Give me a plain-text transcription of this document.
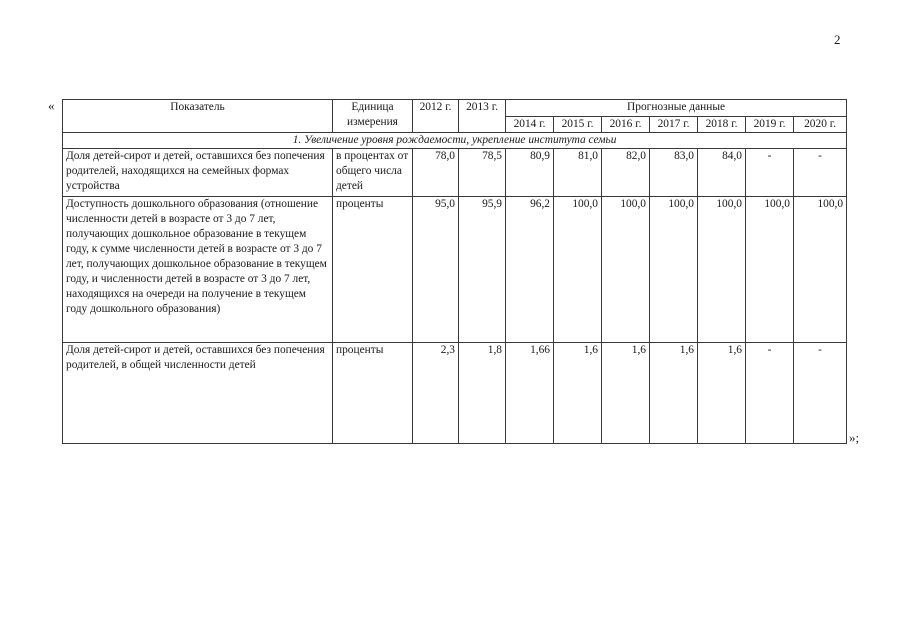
2
«
»;
Показатель	Единица измерения	2012 г.	2013 г.	Прогнозные данные						
				2014 г.	2015 г.	2016 г.	2017 г.	2018 г.	2019 г.	2020 г.
1. Увеличение уровня рождаемости, укрепление института семьи										
Доля детей-сирот и детей, оставшихся без попечения родителей, находящихся на семейных формах устройства	в процентах от общего числа детей	78,0	78,5	80,9	81,0	82,0	83,0	84,0	-	-
Доступность дошкольного образования (отношение численности детей в возрасте от 3 до 7 лет, получающих дошкольное образование в текущем году, к сумме численности детей в возрасте от 3 до 7 лет, получающих дошкольное образование в текущем году, и численности детей в возрасте от 3 до 7 лет, находящихся на очереди на получение в текущем году дошкольного образования)	проценты	95,0	95,9	96,2	100,0	100,0	100,0	100,0	100,0	100,0
Доля детей-сирот и детей, оставшихся без попечения родителей, в общей численности детей	проценты	2,3	1,8	1,66	1,6	1,6	1,6	1,6	-	-
